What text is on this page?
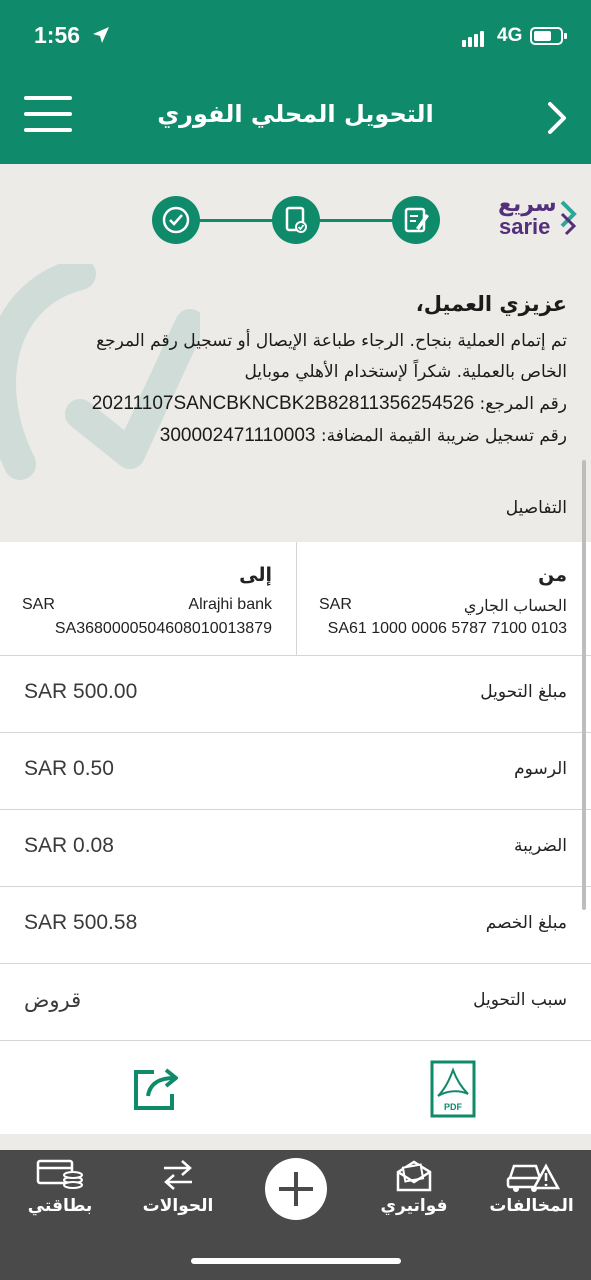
1:56	4G
التحويل المحلي الفوري
سريع
sarie
عزيزي العميل،
تم إتمام العملية بنجاح. الرجاء طباعة الإيصال أو تسجيل رقم المرجع
الخاص بالعملية. شكراً لإستخدام الأهلي موبايل
رقم المرجع: 20211107SANCBKNCBK2B82811356254526
رقم تسجيل ضريبة القيمة المضافة: 300002471110003
التفاصيل
من
الحساب الجاري
SAR
SA61 1000 0006 5787 7100 0103
إلى
Alrajhi bank
SAR
SA3680000504608010013879
مبلغ التحويل
SAR 500.00
الرسوم
SAR 0.50
الضريبة
SAR 0.08
مبلغ الخصم
SAR 500.58
سبب التحويل
قروض
PDF
بطاقتي	الحوالات	فواتيري	المخالفات
